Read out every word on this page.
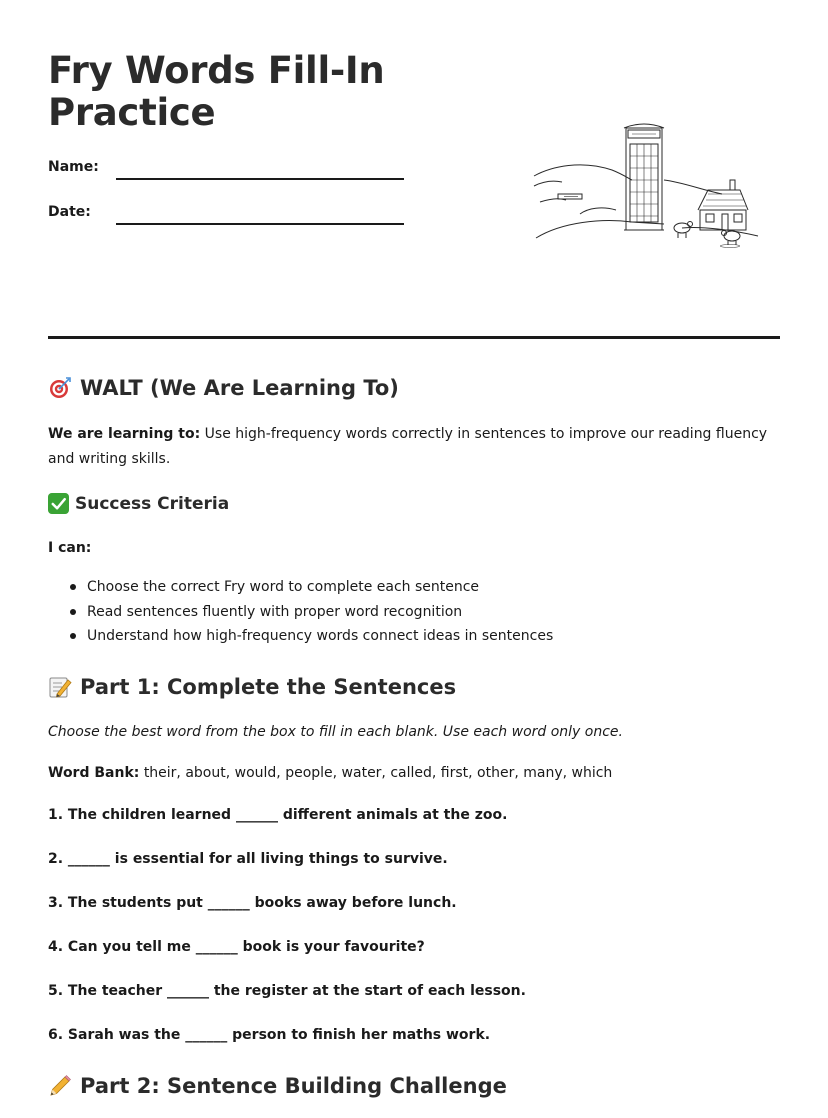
Fry Words Fill-In Practice
Name:
Date:
WALT (We Are Learning To)

We are learning to: Use high-frequency words correctly in sentences to improve our reading fluency and writing skills.

Success Criteria

I can:

Choose the correct Fry word to complete each sentence
Read sentences fluently with proper word recognition
Understand how high-frequency words connect ideas in sentences
Part 1: Complete the Sentences

Choose the best word from the box to fill in each blank. Use each word only once.

Word Bank: their, about, would, people, water, called, first, other, many, which

1. The children learned ______ different animals at the zoo.
2. ______ is essential for all living things to survive.
3. The students put ______ books away before lunch.
4. Can you tell me ______ book is your favourite?
5. The teacher ______ the register at the start of each lesson.
6. Sarah was the ______ person to finish her maths work.
Part 2: Sentence Building Challenge
